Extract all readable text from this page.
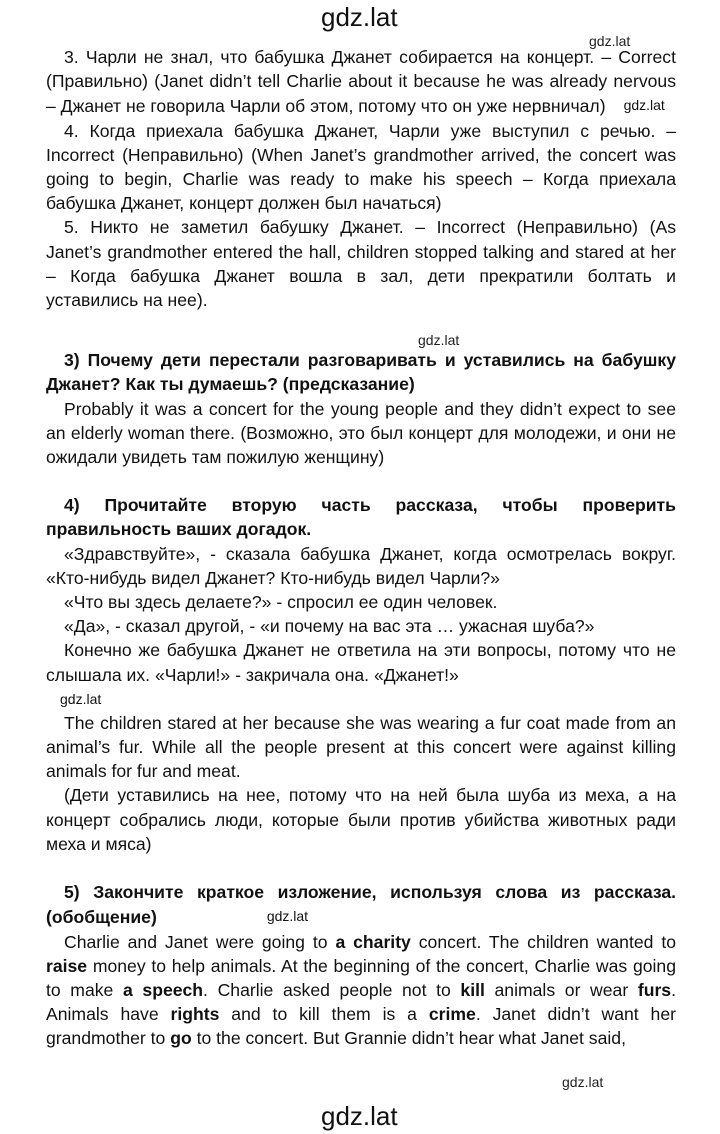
gdz.lat
gdz.lat
gdz.lat
gdz.lat
gdz.lat

3. Чарли не знал, что бабушка Джанет собирается на концерт. – Correct (Правильно) (Janet didn’t tell Charlie about it because he was already nervous – Джанет не говорила Чарли об этом, потому что он уже нервничал) gdz.lat

4. Когда приехала бабушка Джанет, Чарли уже выступил с речью. – Incorrect (Неправильно) (When Janet’s grandmother arrived, the concert was going to begin, Charlie was ready to make his speech – Когда приехала бабушка Джанет, концерт должен был начаться)

5. Никто не заметил бабушку Джанет. – Incorrect (Неправильно) (As Janet’s grandmother entered the hall, children stopped talking and stared at her – Когда бабушка Джанет вошла в зал, дети прекратили болтать и уставились на нее).

3) Почему дети перестали разговаривать и уставились на бабушку Джанет? Как ты думаешь? (предсказание)

Probably it was a concert for the young people and they didn’t expect to see an elderly woman there. (Возможно, это был концерт для молодежи, и они не ожидали увидеть там пожилую женщину)

4) Прочитайте вторую часть рассказа, чтобы проверить правильность ваших догадок.

«Здравствуйте», - сказала бабушка Джанет, когда осмотрелась вокруг. «Кто-нибудь видел Джанет? Кто-нибудь видел Чарли?»

«Что вы здесь делаете?» - спросил ее один человек.

«Да», - сказал другой, - «и почему на вас эта … ужасная шуба?»

Конечно же бабушка Джанет не ответила на эти вопросы, потому что не слышала их. «Чарли!» - закричала она. «Джанет!»

gdz.lat

The children stared at her because she was wearing a fur coat made from an animal’s fur. While all the people present at this concert were against killing animals for fur and meat.

(Дети уставились на нее, потому что на ней была шуба из меха, а на концерт собрались люди, которые были против убийства животных ради меха и мяса)

5) Закончите краткое изложение, используя слова из рассказа. (обобщение)	gdz.lat

Charlie and Janet were going to a charity concert. The children wanted to raise money to help animals. At the beginning of the concert, Charlie was going to make a speech. Charlie asked people not to kill animals or wear furs. Animals have rights and to kill them is a crime. Janet didn’t want her grandmother to go to the concert. But Grannie didn’t hear what Janet said,
